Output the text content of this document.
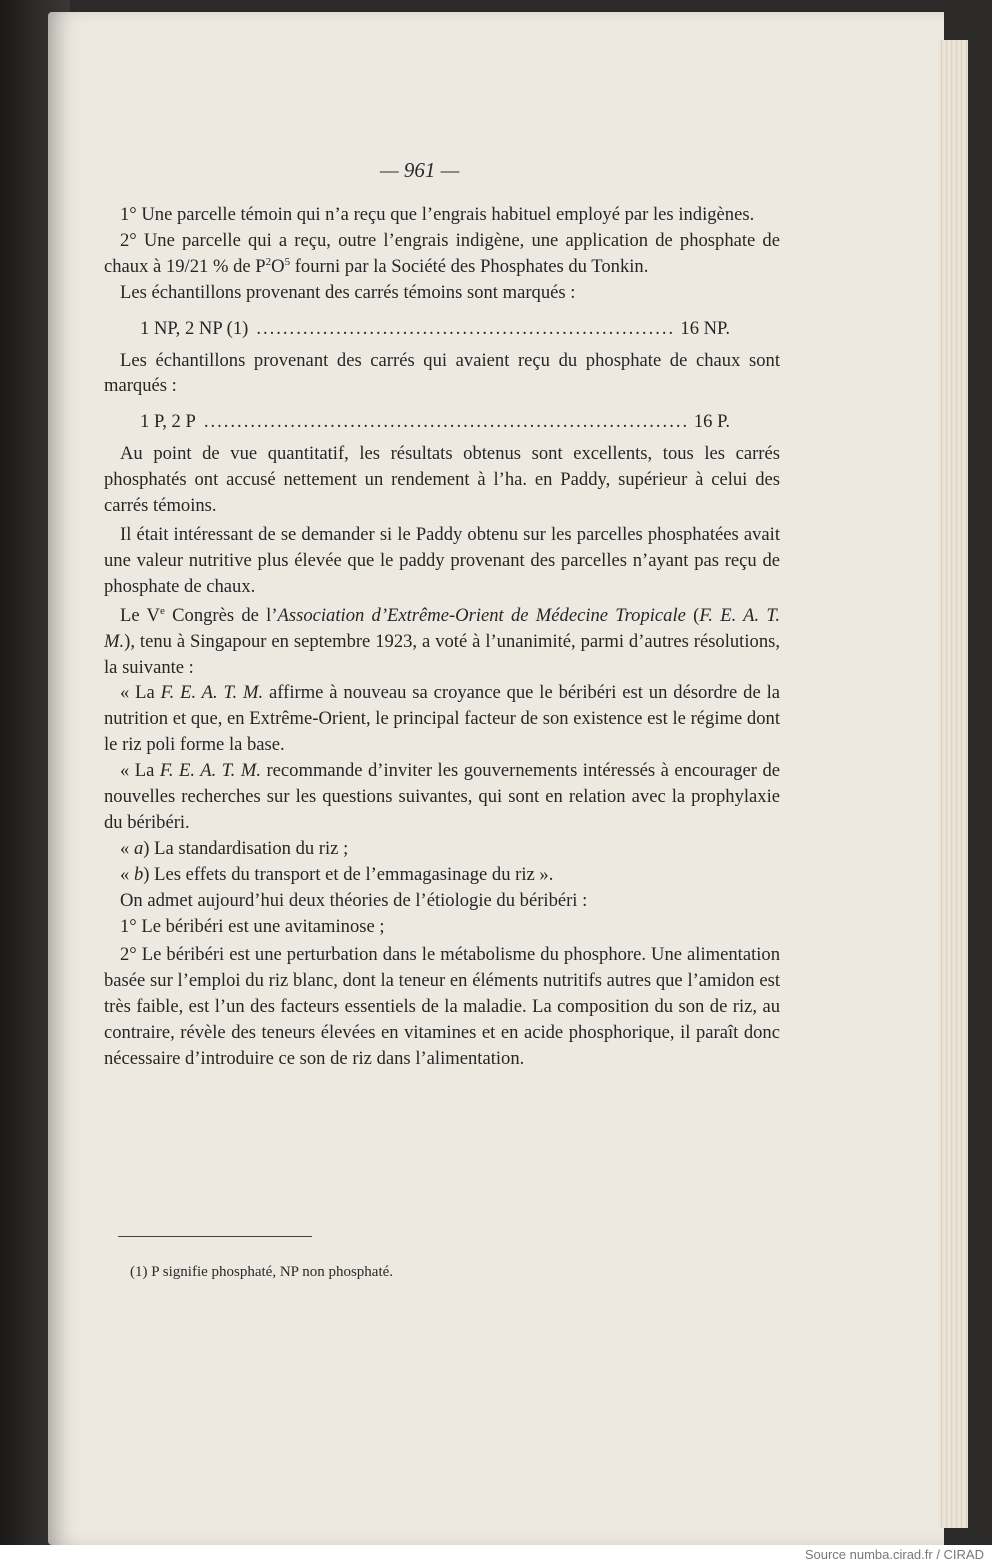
— 961 —

1° Une parcelle témoin qui n’a reçu que l’engrais habituel employé par les indigènes.

2° Une parcelle qui a reçu, outre l’engrais indigène, une application de phosphate de chaux à 19/21 % de $P^2O^5$ fourni par la Société des Phosphates du Tonkin.

Les échantillons provenant des carrés témoins sont marqués :

1 NP, 2 NP (1) .....	16 NP.

Les échantillons provenant des carrés qui avaient reçu du phosphate de chaux sont marqués :

1 P, 2 P .....	16 P.

Au point de vue quantitatif, les résultats obtenus sont excellents, tous les carrés phosphatés ont accusé nettement un rendement à l’ha. en Paddy, supérieur à celui des carrés témoins.

Il était intéressant de se demander si le Paddy obtenu sur les parcelles phosphatées avait une valeur nutritive plus élevée que le paddy provenant des parcelles n’ayant pas reçu de phosphate de chaux.

Le Ve Congrès de l’Association d’Extrême-Orient de Médecine Tropicale (F. E. A. T. M.), tenu à Singapour en septembre 1923, a voté à l’unanimité, parmi d’autres résolutions, la suivante :

« La F. E. A. T. M. affirme à nouveau sa croyance que le béribéri est un désordre de la nutrition et que, en Extrême-Orient, le principal facteur de son existence est le régime dont le riz poli forme la base.

« La F. E. A. T. M. recommande d’inviter les gouvernements intéressés à encourager de nouvelles recherches sur les questions suivantes, qui sont en relation avec la prophylaxie du béribéri.

« a) La standardisation du riz ;

« b) Les effets du transport et de l’emmagasinage du riz ».

On admet aujourd’hui deux théories de l’étiologie du béribéri :

1° Le béribéri est une avitaminose ;

2° Le béribéri est une perturbation dans le métabolisme du phosphore. Une alimentation basée sur l’emploi du riz blanc, dont la teneur en éléments nutritifs autres que l’amidon est très faible, est l’un des facteurs essentiels de la maladie. La composition du son de riz, au contraire, révèle des teneurs élevées en vitamines et en acide phosphorique, il paraît donc nécessaire d’introduire ce son de riz dans l’alimentation.

(1) P signifie phosphaté, NP non phosphaté.
Source numba.cirad.fr / CIRAD
